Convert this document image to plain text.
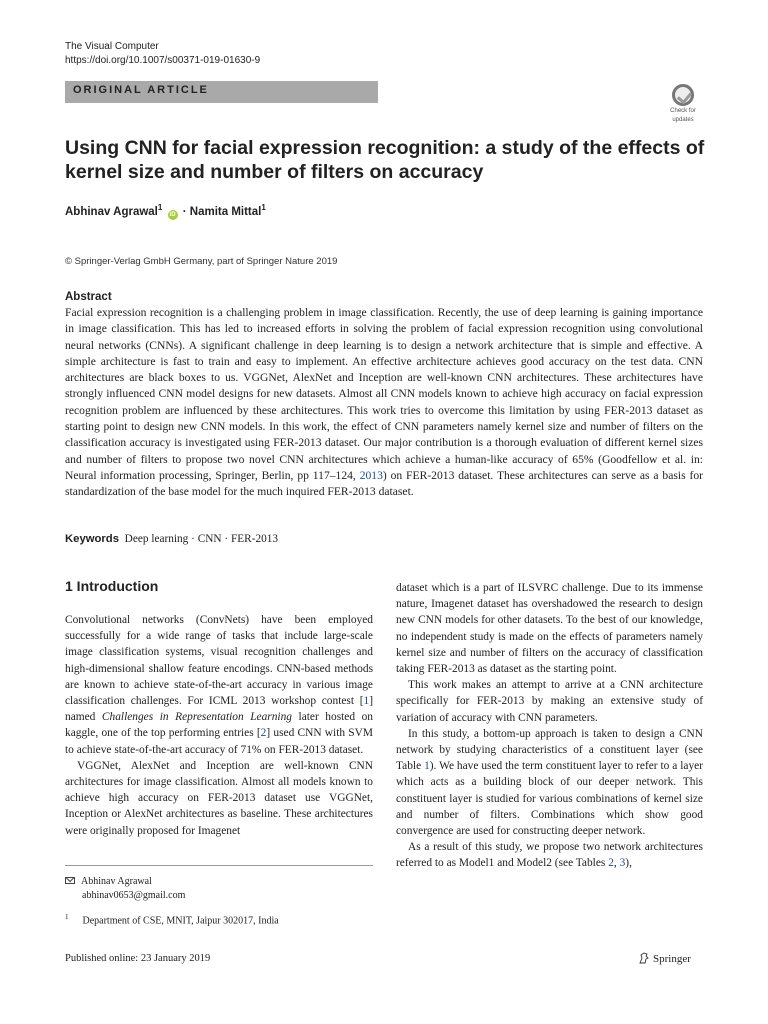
The Visual Computer
https://doi.org/10.1007/s00371-019-01630-9
ORIGINAL ARTICLE
Check for
updates
Using CNN for facial expression recognition: a study of the effects of kernel size and number of filters on accuracy
Abhinav Agrawal$^1$ iD · Namita Mittal$^1$
© Springer-Verlag GmbH Germany, part of Springer Nature 2019
Abstract
Facial expression recognition is a challenging problem in image classification. Recently, the use of deep learning is gaining importance in image classification. This has led to increased efforts in solving the problem of facial expression recognition using convolutional neural networks (CNNs). A significant challenge in deep learning is to design a network architecture that is simple and effective. A simple architecture is fast to train and easy to implement. An effective architecture achieves good accuracy on the test data. CNN architectures are black boxes to us. VGGNet, AlexNet and Inception are well-known CNN architectures. These architectures have strongly influenced CNN model designs for new datasets. Almost all CNN models known to achieve high accuracy on facial expression recognition problem are influenced by these architectures. This work tries to overcome this limitation by using FER-2013 dataset as starting point to design new CNN models. In this work, the effect of CNN parameters namely kernel size and number of filters on the classification accuracy is investigated using FER-2013 dataset. Our major contribution is a thorough evaluation of different kernel sizes and number of filters to propose two novel CNN architectures which achieve a human-like accuracy of 65% (Goodfellow et al. in: Neural information processing, Springer, Berlin, pp 117–124, 2013) on FER-2013 dataset. These architectures can serve as a basis for standardization of the base model for the much inquired FER-2013 dataset.
Keywords Deep learning · CNN · FER-2013
1 Introduction

Convolutional networks (ConvNets) have been employed successfully for a wide range of tasks that include large-scale image classification systems, visual recognition challenges and high-dimensional shallow feature encodings. CNN-based methods are known to achieve state-of-the-art accuracy in various image classification challenges. For ICML 2013 workshop contest [1] named Challenges in Representation Learning later hosted on kaggle, one of the top performing entries [2] used CNN with SVM to achieve state-of-the-art accuracy of 71% on FER-2013 dataset.

VGGNet, AlexNet and Inception are well-known CNN architectures for image classification. Almost all models known to achieve high accuracy on FER-2013 dataset use VGGNet, Inception or AlexNet architectures as baseline. These architectures were originally proposed for Imagenet

dataset which is a part of ILSVRC challenge. Due to its immense nature, Imagenet dataset has overshadowed the research to design new CNN models for other datasets. To the best of our knowledge, no independent study is made on the effects of parameters namely kernel size and number of filters on the accuracy of classification taking FER-2013 as dataset as the starting point.

This work makes an attempt to arrive at a CNN architecture specifically for FER-2013 by making an extensive study of variation of accuracy with CNN parameters.

In this study, a bottom-up approach is taken to design a CNN network by studying characteristics of a constituent layer (see Table 1). We have used the term constituent layer to refer to a layer which acts as a building block of our deeper network. This constituent layer is studied for various combinations of kernel size and number of filters. Combinations which show good convergence are used for constructing deeper network.

As a result of this study, we propose two network architectures referred to as Model1 and Model2 (see Tables 2, 3),

Abhinav Agrawal
abhinav0653@gmail.com
$^1$ Department of CSE, MNIT, Jaipur 302017, India
Published online: 23 January 2019	Springer
